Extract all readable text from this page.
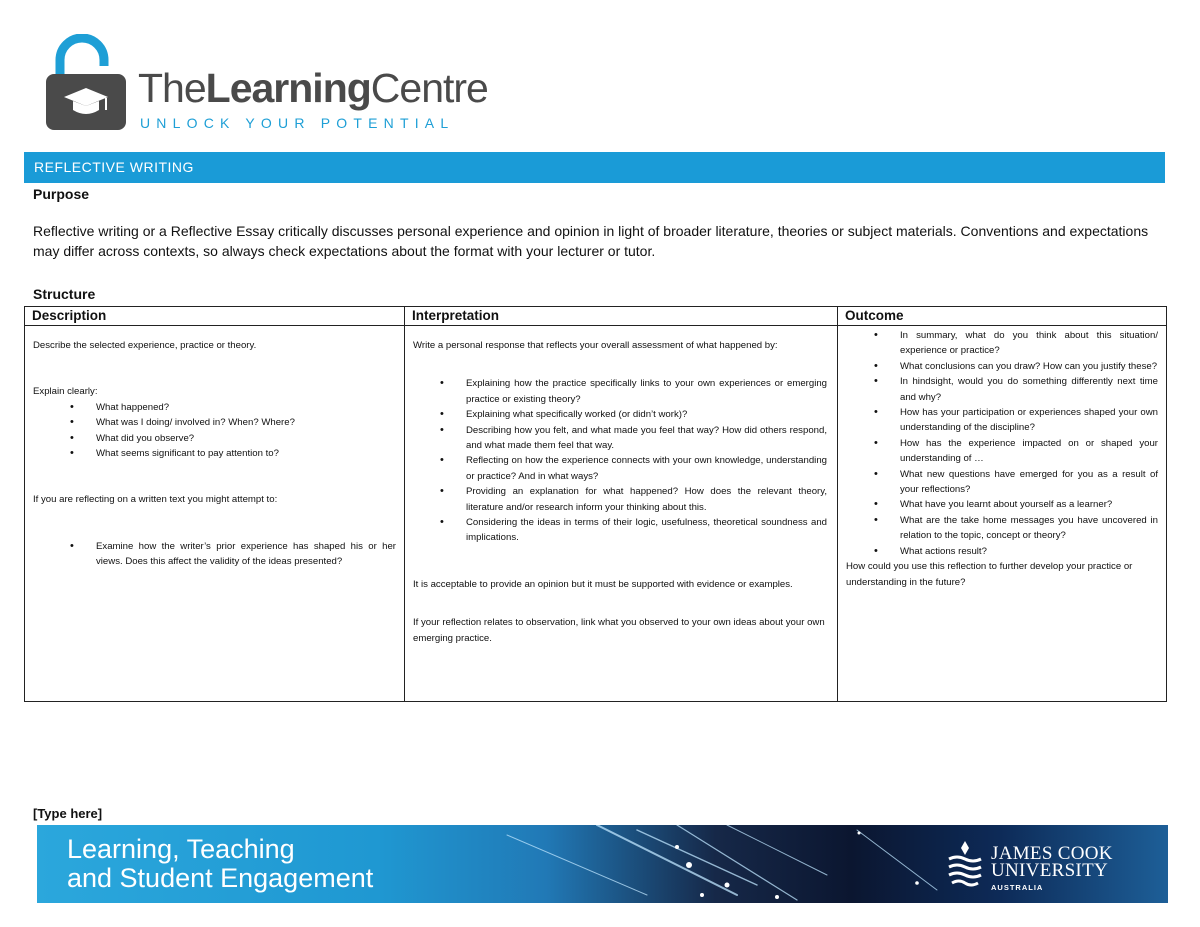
TheLearningCentre
UNLOCK YOUR POTENTIAL
REFLECTIVE WRITING
Purpose

Reflective writing or a Reflective Essay critically discusses personal experience and opinion in light of broader literature, theories or subject materials. Conventions and expectations may differ across contexts, so always check expectations about the format with your lecturer or tutor.

Structure
Description

Describe the selected experience, practice or theory.

Explain clearly:

• What happened?
• What was I doing/ involved in? When? Where?
• What did you observe?
• What seems significant to pay attention to?

If you are reflecting on a written text you might attempt to:

• Examine how the writer’s prior experience has shaped his or her views. Does this affect the validity of the ideas presented?
Interpretation

Write a personal response that reflects your overall assessment of what happened by:

• Explaining how the practice specifically links to your own experiences or emerging practice or existing theory?
• Explaining what specifically worked (or didn’t work)?
• Describing how you felt, and what made you feel that way? How did others respond, and what made them feel that way.
• Reflecting on how the experience connects with your own knowledge, understanding or practice? And in what ways?
• Providing an explanation for what happened? How does the relevant theory, literature and/or research inform your thinking about this.
• Considering the ideas in terms of their logic, usefulness, theoretical soundness and implications.

It is acceptable to provide an opinion but it must be supported with evidence or examples.

If your reflection relates to observation, link what you observed to your own ideas about your own emerging practice.

Outcome
• In summary, what do you think about this situation/ experience or practice?
• What conclusions can you draw? How can you justify these?
• In hindsight, would you do something differently next time and why?
• How has your participation or experiences shaped your own understanding of the discipline?
• How has the experience impacted on or shaped your understanding of …
• What new questions have emerged for you as a result of your reflections?
• What have you learnt about yourself as a learner?
• What are the take home messages you have uncovered in relation to the topic, concept or theory?
• What actions result?

How could you use this reflection to further develop your practice or understanding in the future?

[Type here]
Learning, Teaching
and Student Engagement
JAMES COOK
UNIVERSITY
AUSTRALIA
